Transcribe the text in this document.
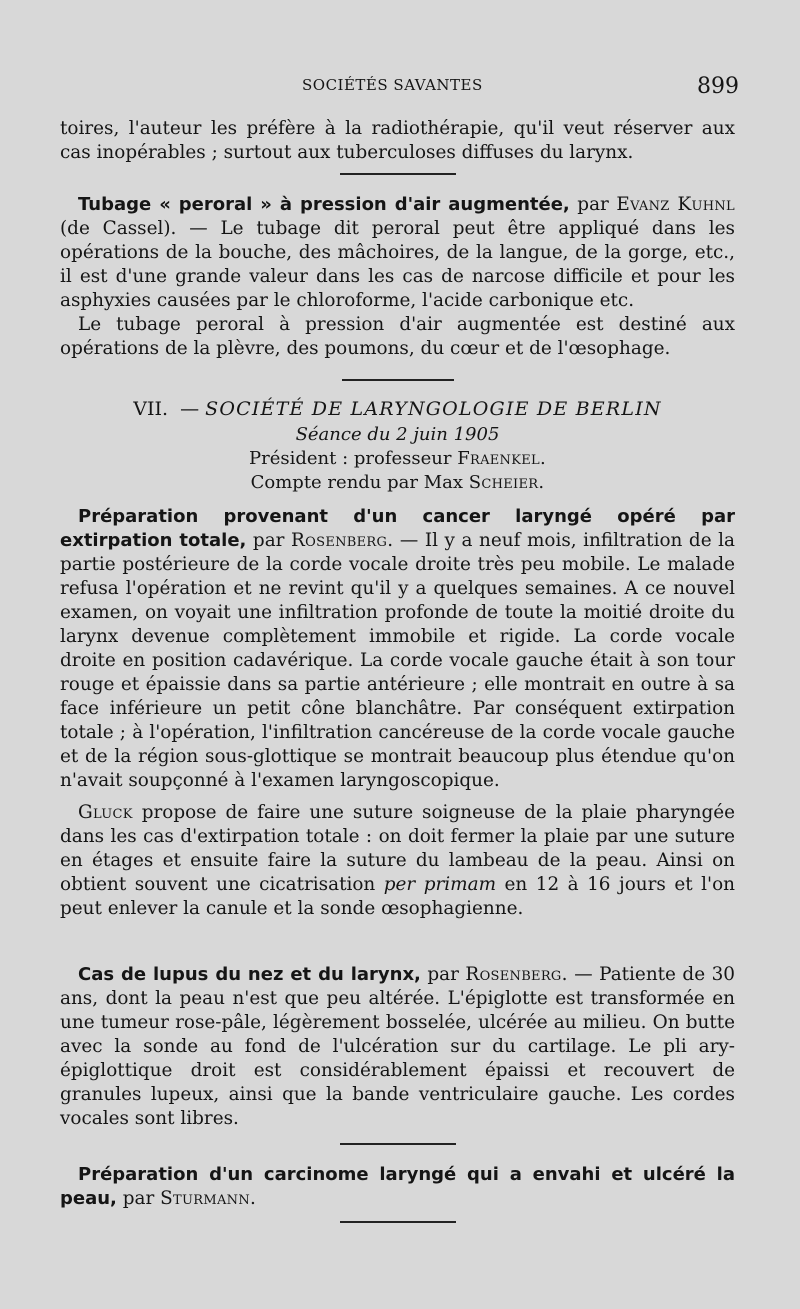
SOCIÉTÉS SAVANTES	899

toires, l'auteur les préfère à la radiothérapie, qu'il veut réserver aux cas inopérables ; surtout aux tuberculoses diffuses du larynx.

Tubage « peroral » à pression d'air augmentée, par Evanz Kuhnl (de Cassel). — Le tubage dit peroral peut être appliqué dans les opérations de la bouche, des mâchoires, de la langue, de la gorge, etc., il est d'une grande valeur dans les cas de narcose difficile et pour les asphyxies causées par le chloroforme, l'acide carbonique etc.

Le tubage peroral à pression d'air augmentée est destiné aux opérations de la plèvre, des poumons, du cœur et de l'œsophage.

VII. — SOCIÉTÉ DE LARYNGOLOGIE DE BERLIN
Séance du 2 juin 1905
Président : professeur Fraenkel.
Compte rendu par Max Scheier.

Préparation provenant d'un cancer laryngé opéré par extirpation totale, par Rosenberg. — Il y a neuf mois, infiltration de la partie postérieure de la corde vocale droite très peu mobile. Le malade refusa l'opération et ne revint qu'il y a quelques semaines. A ce nouvel examen, on voyait une infiltration profonde de toute la moitié droite du larynx devenue complètement immobile et rigide. La corde vocale droite en position cadavérique. La corde vocale gauche était à son tour rouge et épaissie dans sa partie antérieure ; elle montrait en outre à sa face inférieure un petit cône blanchâtre. Par conséquent extirpation totale ; à l'opération, l'infiltration cancéreuse de la corde vocale gauche et de la région sous-glottique se montrait beaucoup plus étendue qu'on n'avait soupçonné à l'examen laryngoscopique.

Gluck propose de faire une suture soigneuse de la plaie pharyngée dans les cas d'extirpation totale : on doit fermer la plaie par une suture en étages et ensuite faire la suture du lambeau de la peau. Ainsi on obtient souvent une cicatrisation per primam en 12 à 16 jours et l'on peut enlever la canule et la sonde œsophagienne.

Cas de lupus du nez et du larynx, par Rosenberg. — Patiente de 30 ans, dont la peau n'est que peu altérée. L'épiglotte est transformée en une tumeur rose-pâle, légèrement bosselée, ulcérée au milieu. On butte avec la sonde au fond de l'ulcération sur du cartilage. Le pli ary-épiglottique droit est considérablement épaissi et recouvert de granules lupeux, ainsi que la bande ventriculaire gauche. Les cordes vocales sont libres.

Préparation d'un carcinome laryngé qui a envahi et ulcéré la peau, par Sturmann.
